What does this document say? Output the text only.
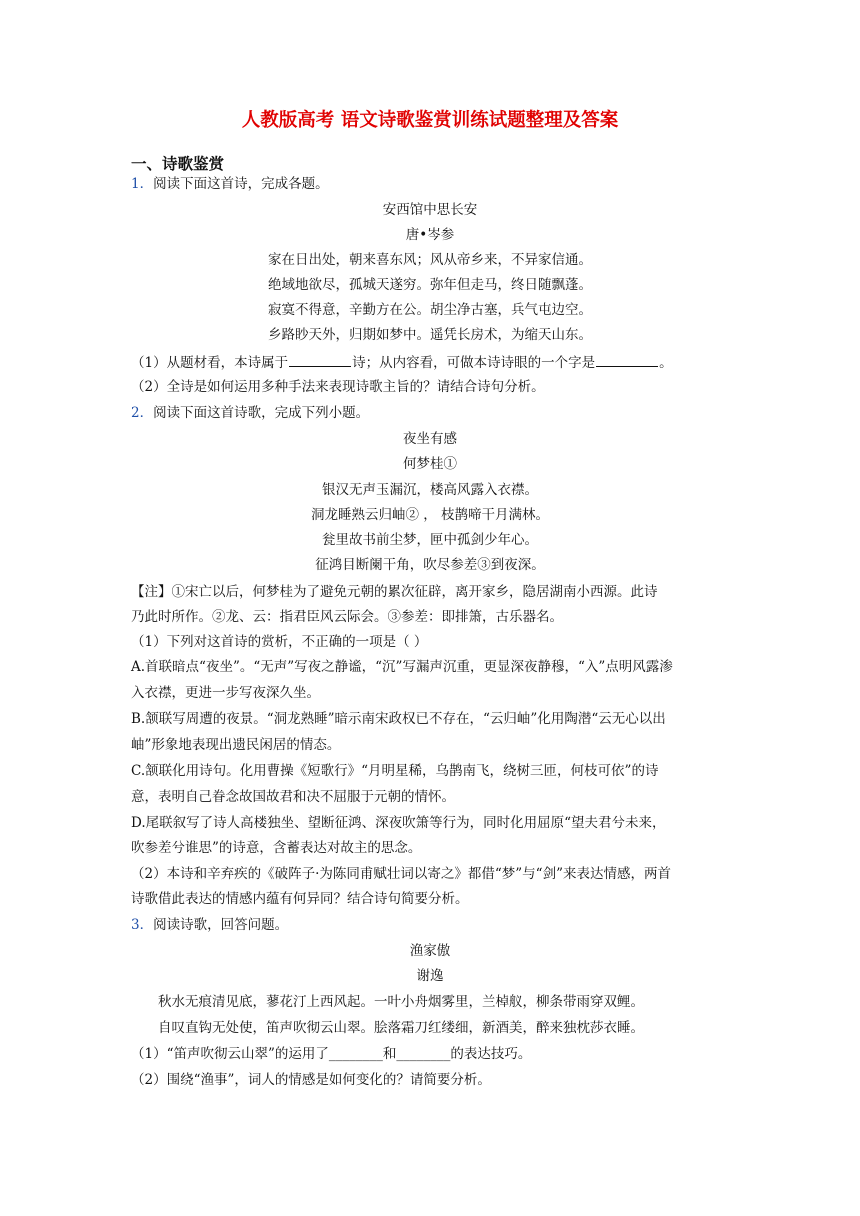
人教版高考 语文诗歌鉴赏训练试题整理及答案
一、诗歌鉴赏
1．阅读下面这首诗，完成各题。
安西馆中思长安
唐•岑参
家在日出处，朝来喜东风；风从帝乡来，不异家信通。
绝域地欲尽，孤城天遂穷。弥年但走马，终日随飘蓬。
寂寞不得意，辛勤方在公。胡尘净古塞，兵气屯边空。
乡路眇天外，归期如梦中。遥凭长房术，为缩天山东。
（1）从题材看，本诗属于	诗；从内容看，可做本诗诗眼的一个字是	。
（2）全诗是如何运用多种手法来表现诗歌主旨的？请结合诗句分析。
2．阅读下面这首诗歌，完成下列小题。
夜坐有感
何梦桂①
银汉无声玉漏沉，楼高风露入衣襟。
洞龙睡熟云归岫② ， 枝鹊啼干月满林。
瓮里故书前尘梦，匣中孤剑少年心。
征鸿目断阑干角，吹尽参差③到夜深。
【注】①宋亡以后，何梦桂为了避免元朝的累次征辟，离开家乡，隐居湖南小西源。此诗
乃此时所作。②龙、云：指君臣风云际会。③参差：即排箫，古乐器名。
（1）下列对这首诗的赏析，不正确的一项是（ ）
A.首联暗点“夜坐”。“无声”写夜之静谧，“沉”写漏声沉重，更显深夜静穆，“入”点明风露渗
入衣襟，更进一步写夜深久坐。
B.颔联写周遭的夜景。“洞龙熟睡”暗示南宋政权已不存在，“云归岫”化用陶潜“云无心以出
岫”形象地表现出遗民闲居的情态。
C.颔联化用诗句。化用曹操《短歌行》“月明星稀，乌鹊南飞，绕树三匝，何枝可依”的诗
意，表明自己眷念故国故君和决不屈服于元朝的情怀。
D.尾联叙写了诗人高楼独坐、望断征鸿、深夜吹箫等行为，同时化用屈原“望夫君兮未来，
吹参差兮谁思”的诗意，含蓄表达对故主的思念。
（2）本诗和辛弃疾的《破阵子·为陈同甫赋壮词以寄之》都借“梦”与“剑”来表达情感，两首
诗歌借此表达的情感内蕴有何异同？结合诗句简要分析。
3．阅读诗歌，回答问题。
渔家傲
谢逸
秋水无痕清见底，蓼花汀上西风起。一叶小舟烟雾里，兰棹舣，柳条带雨穿双鲤。
自叹直钩无处使，笛声吹彻云山翠。脍落霜刀红缕细，新酒美，醉来独枕莎衣睡。
（1）“笛声吹彻云山翠”的运用了________和________的表达技巧。
（2）围绕“渔事”，词人的情感是如何变化的？请简要分析。
